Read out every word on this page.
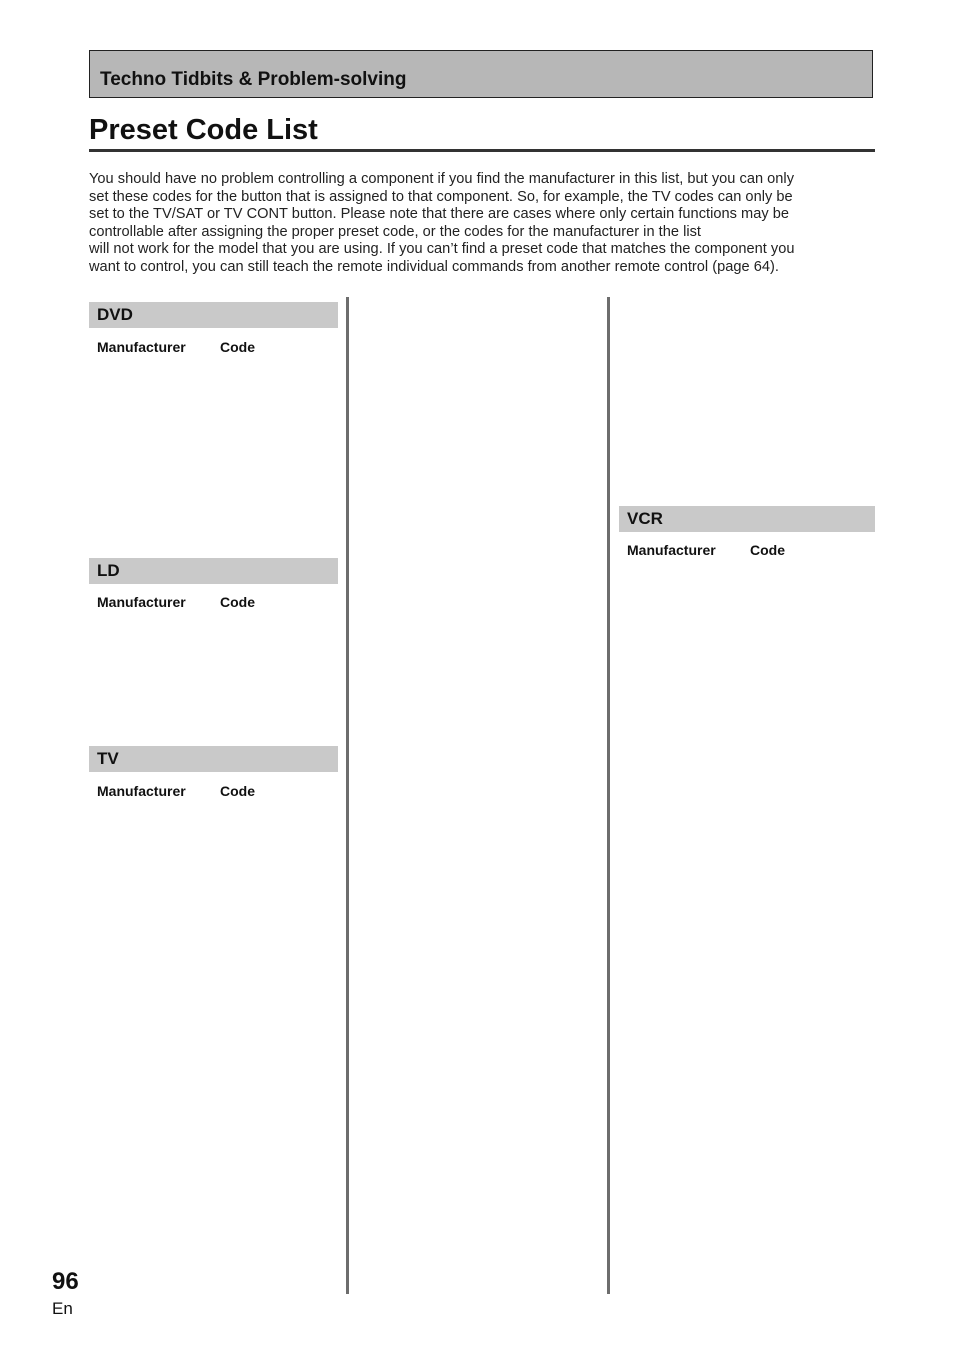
Techno Tidbits & Problem-solving
Preset Code List

You should have no problem controlling a component if you find the manufacturer in this list, but you can only
set these codes for the button that is assigned to that component. So, for example, the TV codes can only be
set to the TV/SAT or TV CONT button. Please note that there are cases where only certain functions may be
controllable after assigning the proper preset code, or the codes for the manufacturer in the list
will not work for the model that you are using. If you can’t find a preset code that matches the component you
want to control, you can still teach the remote individual commands from another remote control (page 64).

DVD
Manufacturer Code
LD
Manufacturer Code
TV
Manufacturer Code
VCR
Manufacturer Code
96
En
